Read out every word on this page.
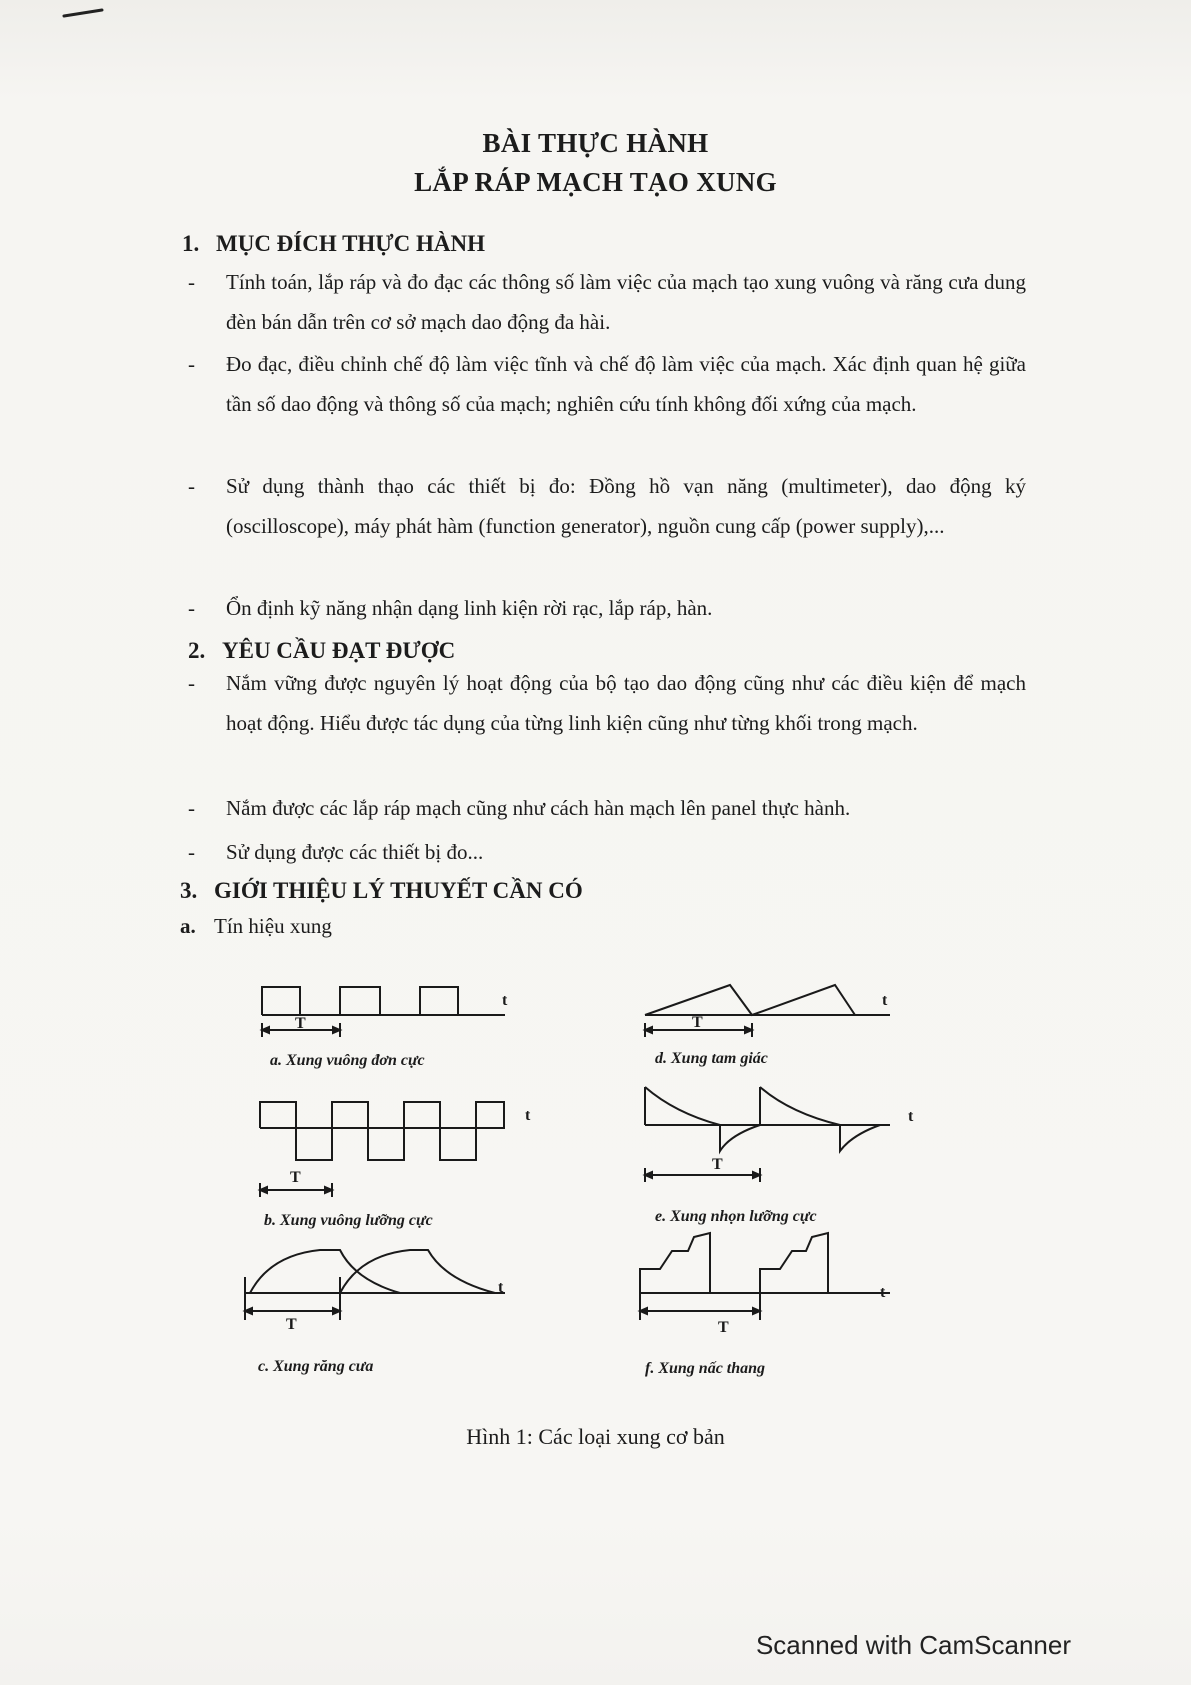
BÀI THỰC HÀNH
LẮP RÁP MẠCH TẠO XUNG
1. MỤC ĐÍCH THỰC HÀNH
-	Tính toán, lắp ráp và đo đạc các thông số làm việc của mạch tạo xung vuông và răng cưa dung đèn bán dẫn trên cơ sở mạch dao động đa hài.
-	Đo đạc, điều chỉnh chế độ làm việc tĩnh và chế độ làm việc của mạch. Xác định quan hệ giữa tần số dao động và thông số của mạch; nghiên cứu tính không đối xứng của mạch.
-	Sử dụng thành thạo các thiết bị đo: Đồng hồ vạn năng (multimeter), dao động ký (oscilloscope), máy phát hàm (function generator), nguồn cung cấp (power supply),...
-	Ổn định kỹ năng nhận dạng linh kiện rời rạc, lắp ráp, hàn.
2. YÊU CẦU ĐẠT ĐƯỢC
-	Nắm vững được nguyên lý hoạt động của bộ tạo dao động cũng như các điều kiện để mạch hoạt động. Hiểu được tác dụng của từng linh kiện cũng như từng khối trong mạch.
-	Nắm được các lắp ráp mạch cũng như cách hàn mạch lên panel thực hành.
-	Sử dụng được các thiết bị đo...
3. GIỚI THIỆU LÝ THUYẾT CẦN CÓ
a. Tín hiệu xung
t
T
t
T
t
T
t
T
t
T
t
T
a. Xung vuông đơn cực	d. Xung tam giác
b. Xung vuông lưỡng cực	e. Xung nhọn lưỡng cực
c. Xung răng cưa	f. Xung nấc thang
Hình 1: Các loại xung cơ bản
Scanned with CamScanner
